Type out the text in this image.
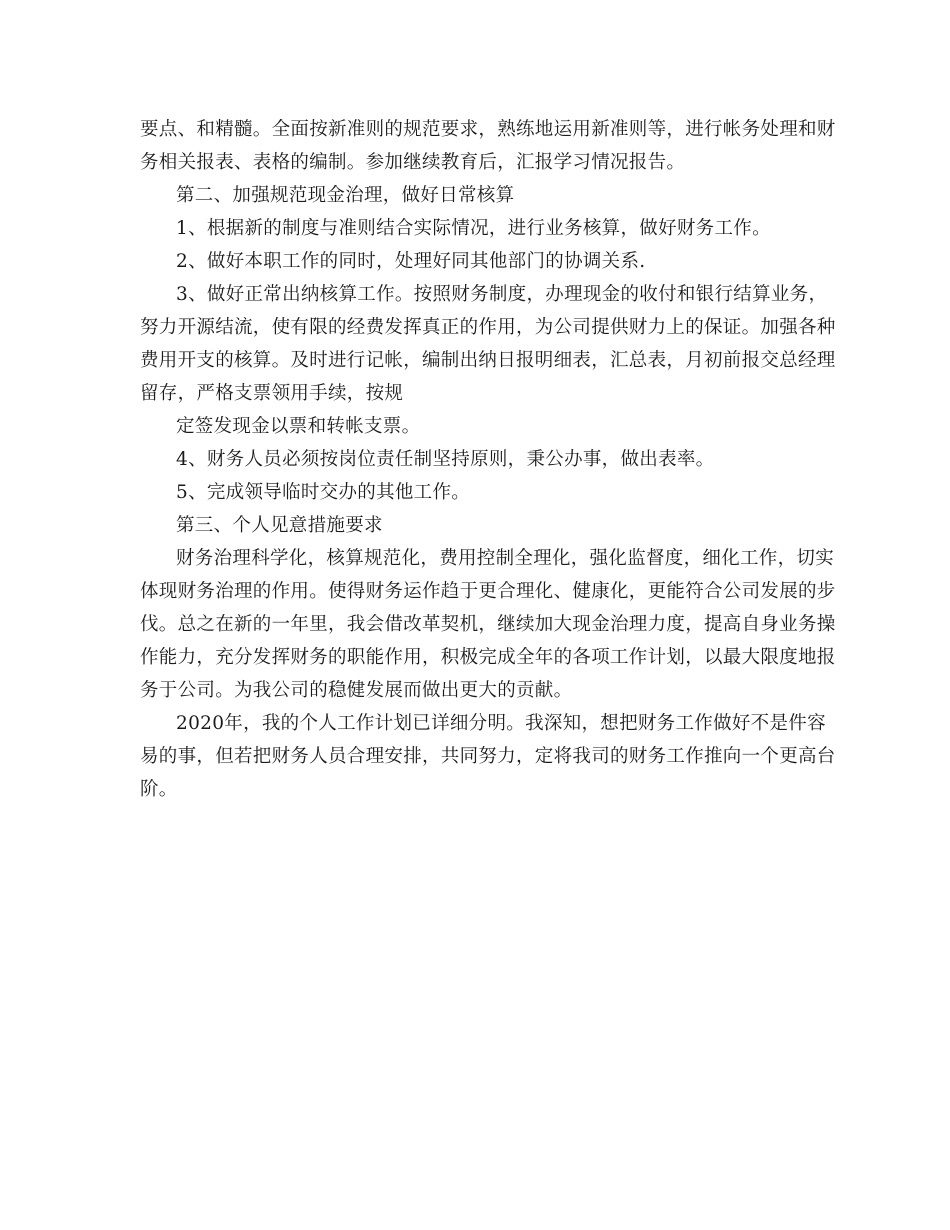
要点、和精髓。全面按新准则的规范要求，熟练地运用新准则等，进行帐务处理和财务相关报表、表格的编制。参加继续教育后，汇报学习情况报告。

第二、加强规范现金治理，做好日常核算

1、根据新的制度与准则结合实际情况，进行业务核算，做好财务工作。

2、做好本职工作的同时，处理好同其他部门的协调关系.

3、做好正常出纳核算工作。按照财务制度，办理现金的收付和银行结算业务，努力开源结流，使有限的经费发挥真正的作用，为公司提供财力上的保证。加强各种费用开支的核算。及时进行记帐，编制出纳日报明细表，汇总表，月初前报交总经理留存，严格支票领用手续，按规

定签发现金以票和转帐支票。

4、财务人员必须按岗位责任制坚持原则，秉公办事，做出表率。

5、完成领导临时交办的其他工作。

第三、个人见意措施要求

财务治理科学化，核算规范化，费用控制全理化，强化监督度，细化工作，切实体现财务治理的作用。使得财务运作趋于更合理化、健康化，更能符合公司发展的步伐。总之在新的一年里，我会借改革契机，继续加大现金治理力度，提高自身业务操作能力，充分发挥财务的职能作用，积极完成全年的各项工作计划，以最大限度地报务于公司。为我公司的稳健发展而做出更大的贡献。

2020年，我的个人工作计划已详细分明。我深知，想把财务工作做好不是件容易的事，但若把财务人员合理安排，共同努力，定将我司的财务工作推向一个更高台阶。
